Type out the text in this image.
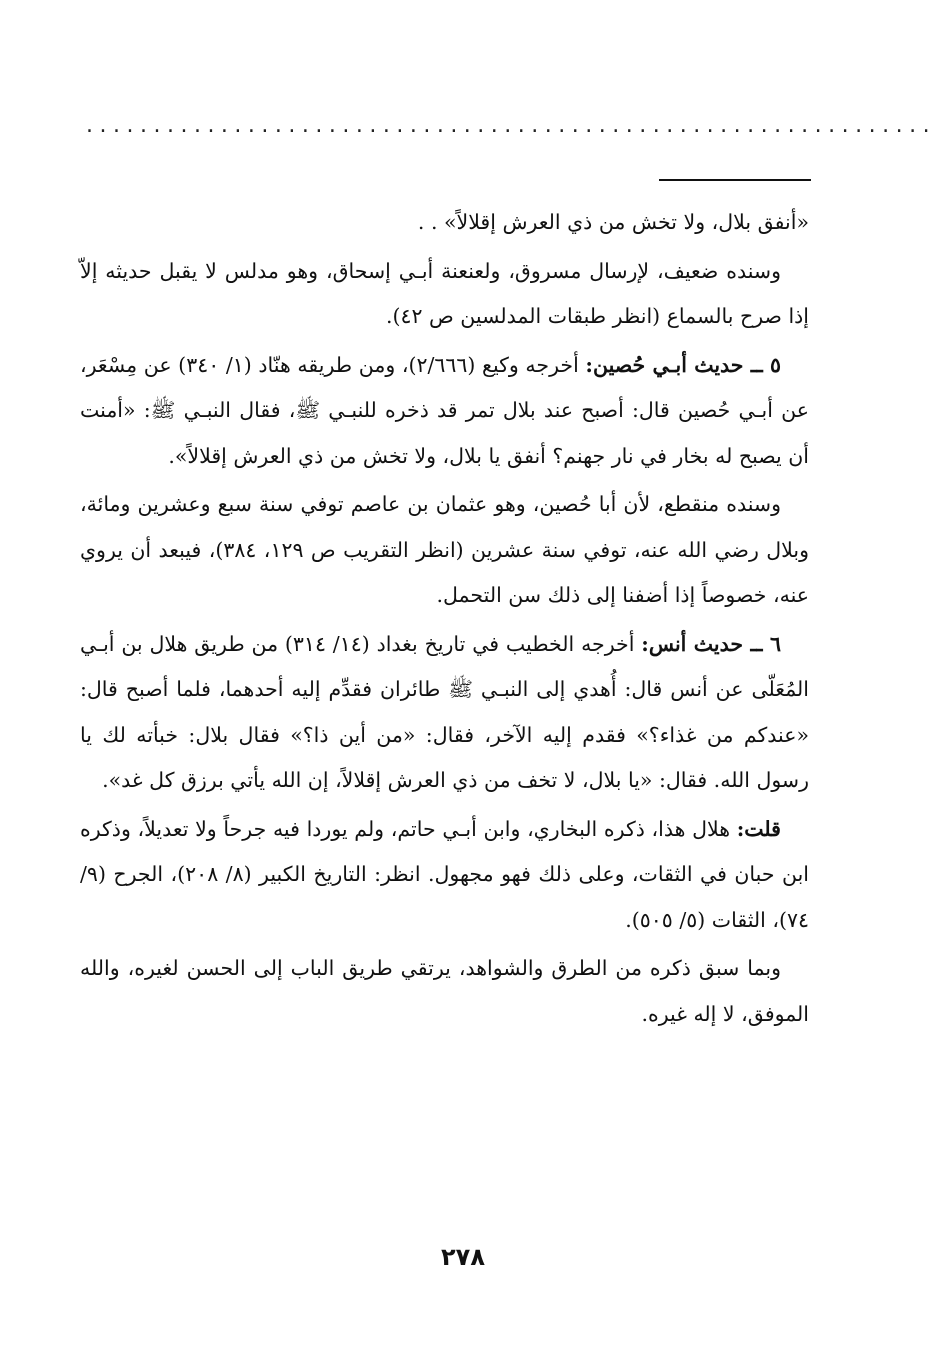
...............................................................

«أنفق بلال، ولا تخش من ذي العرش إقلالاً» . .

وسنده ضعيف، لإرسال مسروق، ولعنعنة أبـي إسحاق، وهو مدلس لا يقبل حديثه إلاّ إذا صرح بالسماع (انظر طبقات المدلسين ص ٤٢).

٥ ــ حديث أبـي حُصين: أخرجه وكيع (٢/٦٦٦)، ومن طريقه هنّاد (١/ ٣٤٠) عن مِسْعَر، عن أبـي حُصين قال: أصبح عند بلال تمر قد ذخره للنبـي ﷺ، فقال النبـي ﷺ: «أمنت أن يصبح له بخار في نار جهنم؟ أنفق يا بلال، ولا تخش من ذي العرش إقلالاً».

وسنده منقطع، لأن أبا حُصين، وهو عثمان بن عاصم توفي سنة سبع وعشرين ومائة، وبلال رضي الله عنه، توفي سنة عشرين (انظر التقريب ص ١٢٩، ٣٨٤)، فيبعد أن يروي عنه، خصوصاً إذا أضفنا إلى ذلك سن التحمل.

٦ ــ حديث أنس: أخرجه الخطيب في تاريخ بغداد (١٤/ ٣١٤) من طريق هلال بن أبـي المُعَلّى عن أنس قال: أُهدي إلى النبـي ﷺ طائران فقدِّم إليه أحدهما، فلما أصبح قال: «عندكم من غذاء؟» فقدم إليه الآخر، فقال: «من أين ذا؟» فقال بلال: خبأته لك يا رسول الله. فقال: «يا بلال، لا تخف من ذي العرش إقلالاً، إن الله يأتي برزق كل غد».

قلت: هلال هذا، ذكره البخاري، وابن أبـي حاتم، ولم يوردا فيه جرحاً ولا تعديلاً، وذكره ابن حبان في الثقات، وعلى ذلك فهو مجهول. انظر: التاريخ الكبير (٨/ ٢٠٨)، الجرح (٩/ ٧٤)، الثقات (٥/ ٥٠٥).

وبما سبق ذكره من الطرق والشواهد، يرتقي طريق الباب إلى الحسن لغيره، والله الموفق، لا إله غيره.

٢٧٨
